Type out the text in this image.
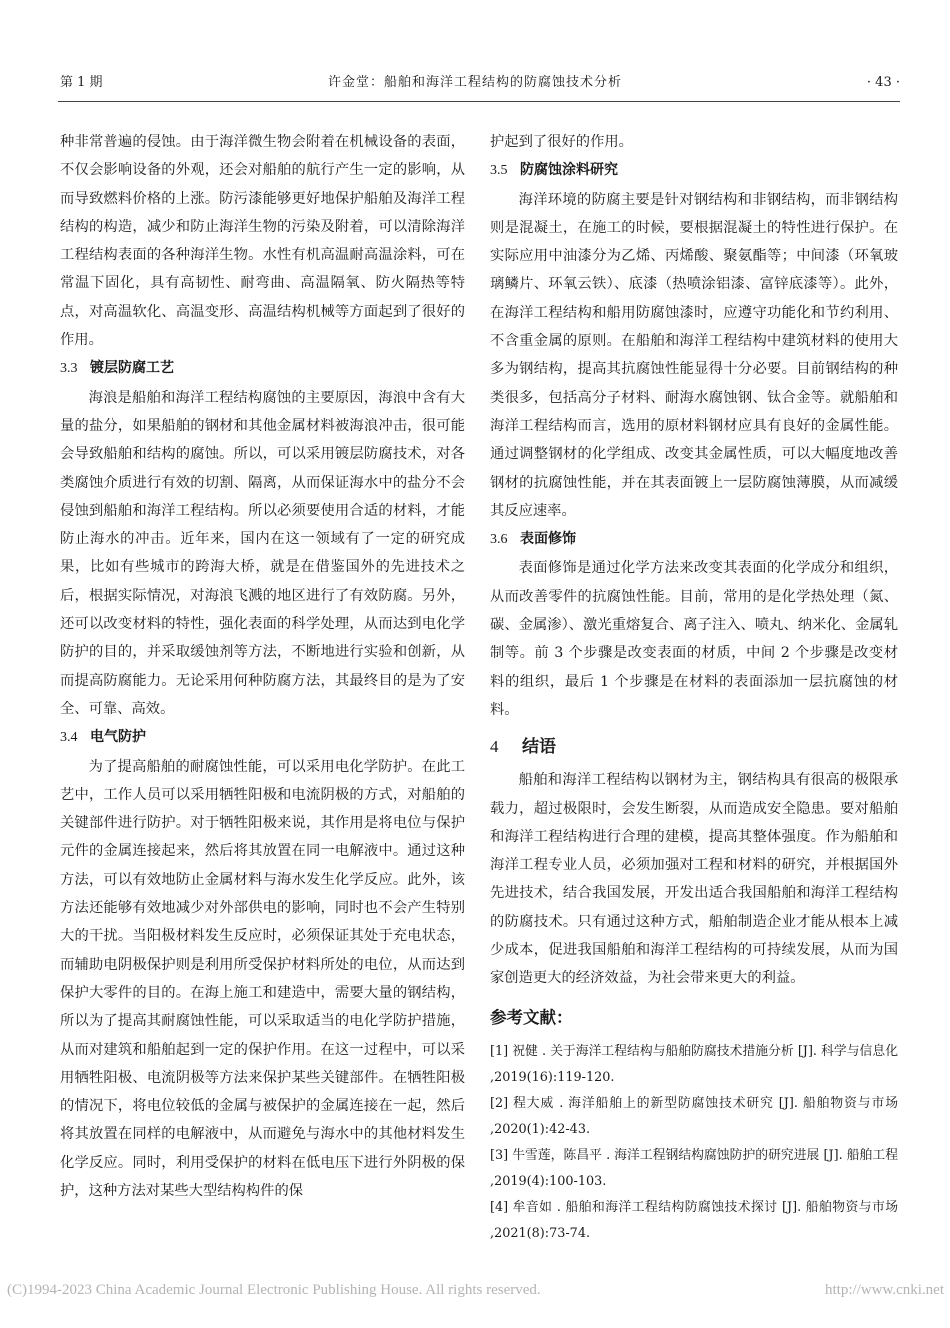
第 1 期	许金堂：船舶和海洋工程结构的防腐蚀技术分析	· 43 ·

种非常普遍的侵蚀。由于海洋微生物会附着在机械设备的表面，不仅会影响设备的外观，还会对船舶的航行产生一定的影响，从而导致燃料价格的上涨。防污漆能够更好地保护船舶及海洋工程结构的构造，减少和防止海洋生物的污染及附着，可以清除海洋工程结构表面的各种海洋生物。水性有机高温耐高温涂料，可在常温下固化，具有高韧性、耐弯曲、高温隔氧、防火隔热等特点，对高温软化、高温变形、高温结构机械等方面起到了很好的作用。

3.3 镀层防腐工艺

海浪是船舶和海洋工程结构腐蚀的主要原因，海浪中含有大量的盐分，如果船舶的钢材和其他金属材料被海浪冲击，很可能会导致船舶和结构的腐蚀。所以，可以采用镀层防腐技术，对各类腐蚀介质进行有效的切割、隔离，从而保证海水中的盐分不会侵蚀到船舶和海洋工程结构。所以必须要使用合适的材料，才能防止海水的冲击。近年来，国内在这一领域有了一定的研究成果，比如有些城市的跨海大桥，就是在借鉴国外的先进技术之后，根据实际情况，对海浪飞溅的地区进行了有效防腐。另外，还可以改变材料的特性，强化表面的科学处理，从而达到电化学防护的目的，并采取缓蚀剂等方法，不断地进行实验和创新，从而提高防腐能力。无论采用何种防腐方法，其最终目的是为了安全、可靠、高效。

3.4 电气防护

为了提高船舶的耐腐蚀性能，可以采用电化学防护。在此工艺中，工作人员可以采用牺牲阳极和电流阴极的方式，对船舶的关键部件进行防护。对于牺牲阳极来说，其作用是将电位与保护元件的金属连接起来，然后将其放置在同一电解液中。通过这种方法，可以有效地防止金属材料与海水发生化学反应。此外，该方法还能够有效地减少对外部供电的影响，同时也不会产生特别大的干扰。当阳极材料发生反应时，必须保证其处于充电状态，而辅助电阴极保护则是利用所受保护材料所处的电位，从而达到保护大零件的目的。在海上施工和建造中，需要大量的钢结构，所以为了提高其耐腐蚀性能，可以采取适当的电化学防护措施，从而对建筑和船舶起到一定的保护作用。在这一过程中，可以采用牺牲阳极、电流阴极等方法来保护某些关键部件。在牺牲阳极的情况下，将电位较低的金属与被保护的金属连接在一起，然后将其放置在同样的电解液中，从而避免与海水中的其他材料发生化学反应。同时，利用受保护的材料在低电压下进行外阴极的保护，这种方法对某些大型结构构件的保

护起到了很好的作用。

3.5 防腐蚀涂料研究

海洋环境的防腐主要是针对钢结构和非钢结构，而非钢结构则是混凝土，在施工的时候，要根据混凝土的特性进行保护。在实际应用中油漆分为乙烯、丙烯酸、聚氨酯等；中间漆（环氧玻璃鳞片、环氧云铁）、底漆（热喷涂铝漆、富锌底漆等）。此外，在海洋工程结构和船用防腐蚀漆时，应遵守功能化和节约利用、不含重金属的原则。在船舶和海洋工程结构中建筑材料的使用大多为钢结构，提高其抗腐蚀性能显得十分必要。目前钢结构的种类很多，包括高分子材料、耐海水腐蚀钢、钛合金等。就船舶和海洋工程结构而言，选用的原材料钢材应具有良好的金属性能。通过调整钢材的化学组成、改变其金属性质，可以大幅度地改善钢材的抗腐蚀性能，并在其表面镀上一层防腐蚀薄膜，从而减缓其反应速率。

3.6 表面修饰

表面修饰是通过化学方法来改变其表面的化学成分和组织，从而改善零件的抗腐蚀性能。目前，常用的是化学热处理（氮、碳、金属渗）、激光重熔复合、离子注入、喷丸、纳米化、金属轧制等。前 3 个步骤是改变表面的材质，中间 2 个步骤是改变材料的组织，最后 1 个步骤是在材料的表面添加一层抗腐蚀的材料。

4 结语

船舶和海洋工程结构以钢材为主，钢结构具有很高的极限承载力，超过极限时，会发生断裂，从而造成安全隐患。要对船舶和海洋工程结构进行合理的建模，提高其整体强度。作为船舶和海洋工程专业人员，必须加强对工程和材料的研究，并根据国外先进技术，结合我国发展，开发出适合我国船舶和海洋工程结构的防腐技术。只有通过这种方式，船舶制造企业才能从根本上减少成本，促进我国船舶和海洋工程结构的可持续发展，从而为国家创造更大的经济效益，为社会带来更大的利益。

参考文献：

[1] 祝健 . 关于海洋工程结构与船舶防腐技术措施分析 [J]. 科学与信息化 ,2019(16):119-120.

[2] 程大威 . 海洋船舶上的新型防腐蚀技术研究 [J]. 船舶物资与市场 ,2020(1):42-43.

[3] 牛雪莲，陈昌平 . 海洋工程钢结构腐蚀防护的研究进展 [J]. 船舶工程 ,2019(4):100-103.

[4] 牟音如 . 船舶和海洋工程结构防腐蚀技术探讨 [J]. 船舶物资与市场 ,2021(8):73-74.

(C)1994-2023 China Academic Journal Electronic Publishing House. All rights reserved.	http://www.cnki.net
